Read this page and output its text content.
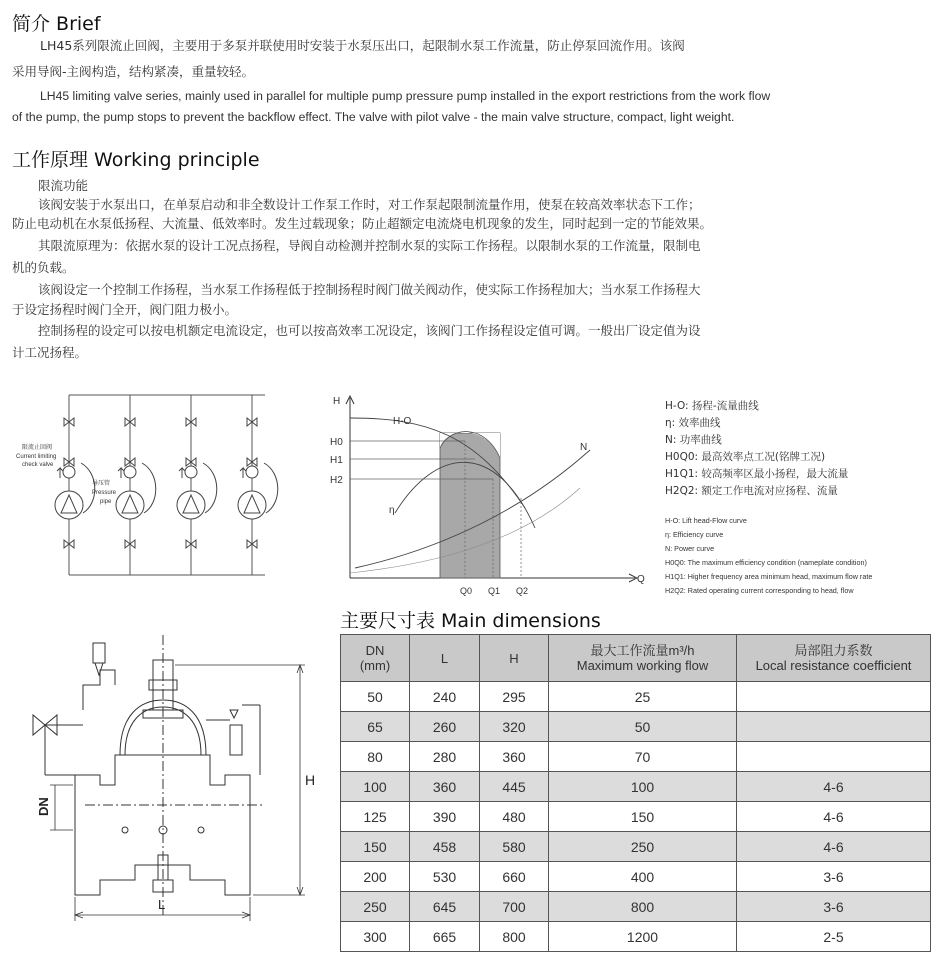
简介 Brief

LH45系列限流止回阀，主要用于多泵并联使用时安装于水泵压出口，起限制水泵工作流量，防止停泵回流作用。该阀

采用导阀-主阀构造，结构紧凑，重量较轻。

LH45 limiting valve series, mainly used in parallel for multiple pump pressure pump installed in the export restrictions from the work flow

of the pump, the pump stops to prevent the backflow effect. The valve with pilot valve - the main valve structure, compact, light weight.

工作原理 Working principle

限流功能

该阀安装于水泵出口，在单泵启动和非全数设计工作泵工作时，对工作泵起限制流量作用，使泵在较高效率状态下工作；

防止电动机在水泵低扬程、大流量、低效率时。发生过载现象；防止超额定电流烧电机现象的发生，同时起到一定的节能效果。

其限流原理为：依据水泵的设计工况点扬程，导阀自动检测并控制水泵的实际工作扬程。以限制水泵的工作流量，限制电

机的负载。

该阀设定一个控制工作扬程，当水泵工作扬程低于控制扬程时阀门做关阀动作，使实际工作扬程加大；当水泵工作扬程大

于设定扬程时阀门全开，阀门阻力极小。

控制扬程的设定可以按电机额定电流设定，也可以按高效率工况设定，该阀门工作扬程设定值可调。一般出厂设定值为设

计工况扬程。

限流止回阀
Current limiting
check valve
导压管
Pressure
pipe
H
Q
H0
H1
H2
Q0 Q1 Q2
H-O
η
N
H-O: 扬程-流量曲线
η: 效率曲线
N: 功率曲线
H0Q0: 最高效率点工况(铭牌工况)
H1Q1: 较高频率区最小扬程，最大流量
H2Q2: 额定工作电流对应扬程、流量
H-O: Lift head-Flow curve
η: Efficiency curve
N: Power curve
H0Q0: The maximum efficiency condition (nameplate condition)
H1Q1: Higher frequency area minimum head, maximum flow rate
H2Q2: Rated operating current corresponding to head, flow
DN
H
L
主要尺寸表 Main dimensions
DN
(mm)	L	H	最大工作流量m³/h
Maximum working flow	局部阻力系数
Local resistance coefficient
50	240	295	25	
65	260	320	50	
80	280	360	70	
100	360	445	100	4-6
125	390	480	150	4-6
150	458	580	250	4-6
200	530	660	400	3-6
250	645	700	800	3-6
300	665	800	1200	2-5
